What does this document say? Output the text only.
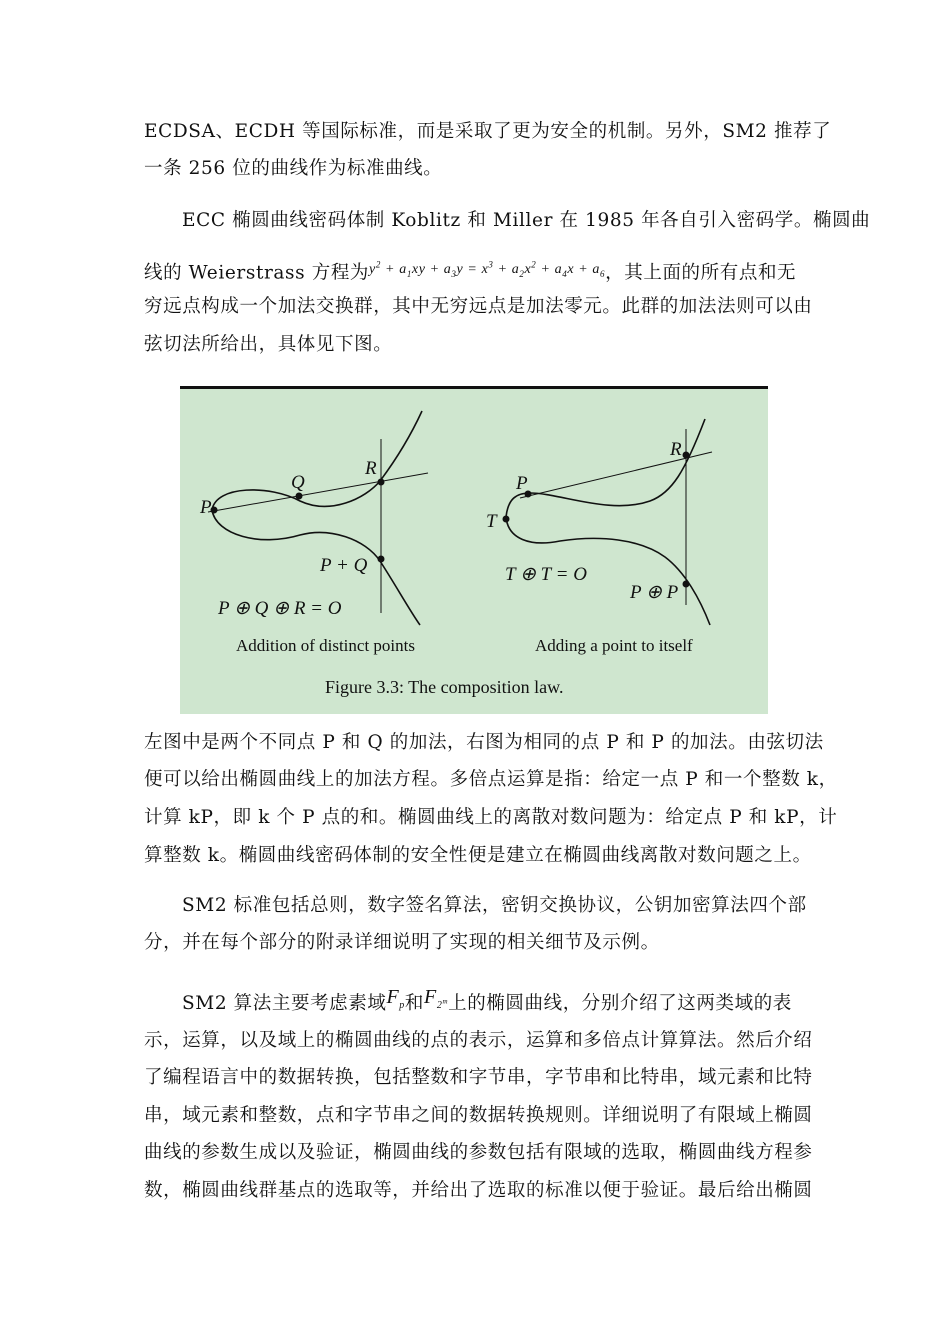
ECDSA、ECDH 等国际标准，而是采取了更为安全的机制。另外，SM2 推荐了
一条 256 位的曲线作为标准曲线。
ECC 椭圆曲线密码体制 Koblitz 和 Miller 在 1985 年各自引入密码学。椭圆曲
线的 Weierstrass 方程为$^{y^2 + a_1xy + a_3y = x^3 + a_2x^2 + a_4x + a_6}$，其上面的所有点和无
穷远点构成一个加法交换群，其中无穷远点是加法零元。此群的加法法则可以由
弦切法所给出，具体见下图。
P
Q
R
P + Q
P ⊕ Q ⊕ R = O
P
T
R
T ⊕ T = O
P ⊕ P
Addition of distinct points	Adding a point to itself
Figure 3.3: The composition law.
左图中是两个不同点 P 和 Q 的加法，右图为相同的点 P 和 P 的加法。由弦切法
便可以给出椭圆曲线上的加法方程。多倍点运算是指：给定一点 P 和一个整数 k，
计算 kP，即 k 个 P 点的和。椭圆曲线上的离散对数问题为：给定点 P 和 kP，计
算整数 k。椭圆曲线密码体制的安全性便是建立在椭圆曲线离散对数问题之上。
SM2 标准包括总则，数字签名算法，密钥交换协议，公钥加密算法四个部
分，并在每个部分的附录详细说明了实现的相关细节及示例。
SM2 算法主要考虑素域$F_p$和$F_{2^m}$上的椭圆曲线，分别介绍了这两类域的表
示，运算，以及域上的椭圆曲线的点的表示，运算和多倍点计算算法。然后介绍
了编程语言中的数据转换，包括整数和字节串，字节串和比特串，域元素和比特
串，域元素和整数，点和字节串之间的数据转换规则。详细说明了有限域上椭圆
曲线的参数生成以及验证，椭圆曲线的参数包括有限域的选取，椭圆曲线方程参
数，椭圆曲线群基点的选取等，并给出了选取的标准以便于验证。最后给出椭圆
